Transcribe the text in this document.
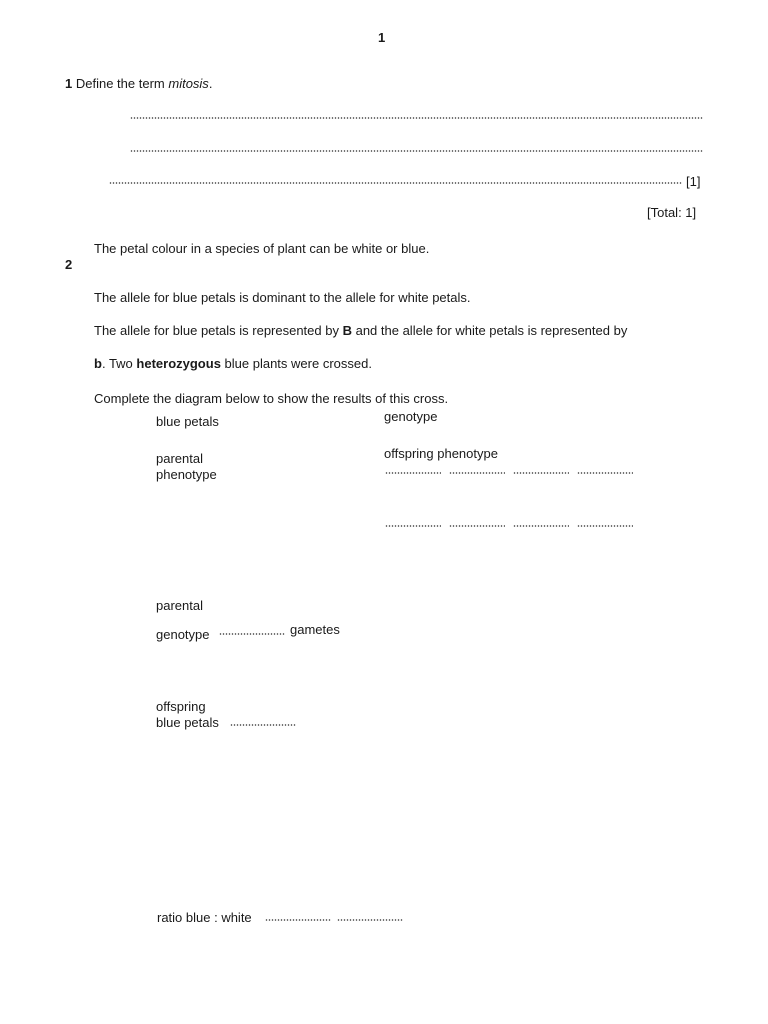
1
1 Define the term mitosis.
[1]
[Total: 1]
The petal colour in a species of plant can be white or blue.
2
The allele for blue petals is dominant to the allele for white petals.
The allele for blue petals is represented by B and the allele for white petals is represented by
b. Two heterozygous blue plants were crossed.
Complete the diagram below to show the results of this cross.
blue petals	genotype
parental
phenotype
offspring phenotype
parental
genotype	gametes
offspring
blue petals
ratio blue : white
